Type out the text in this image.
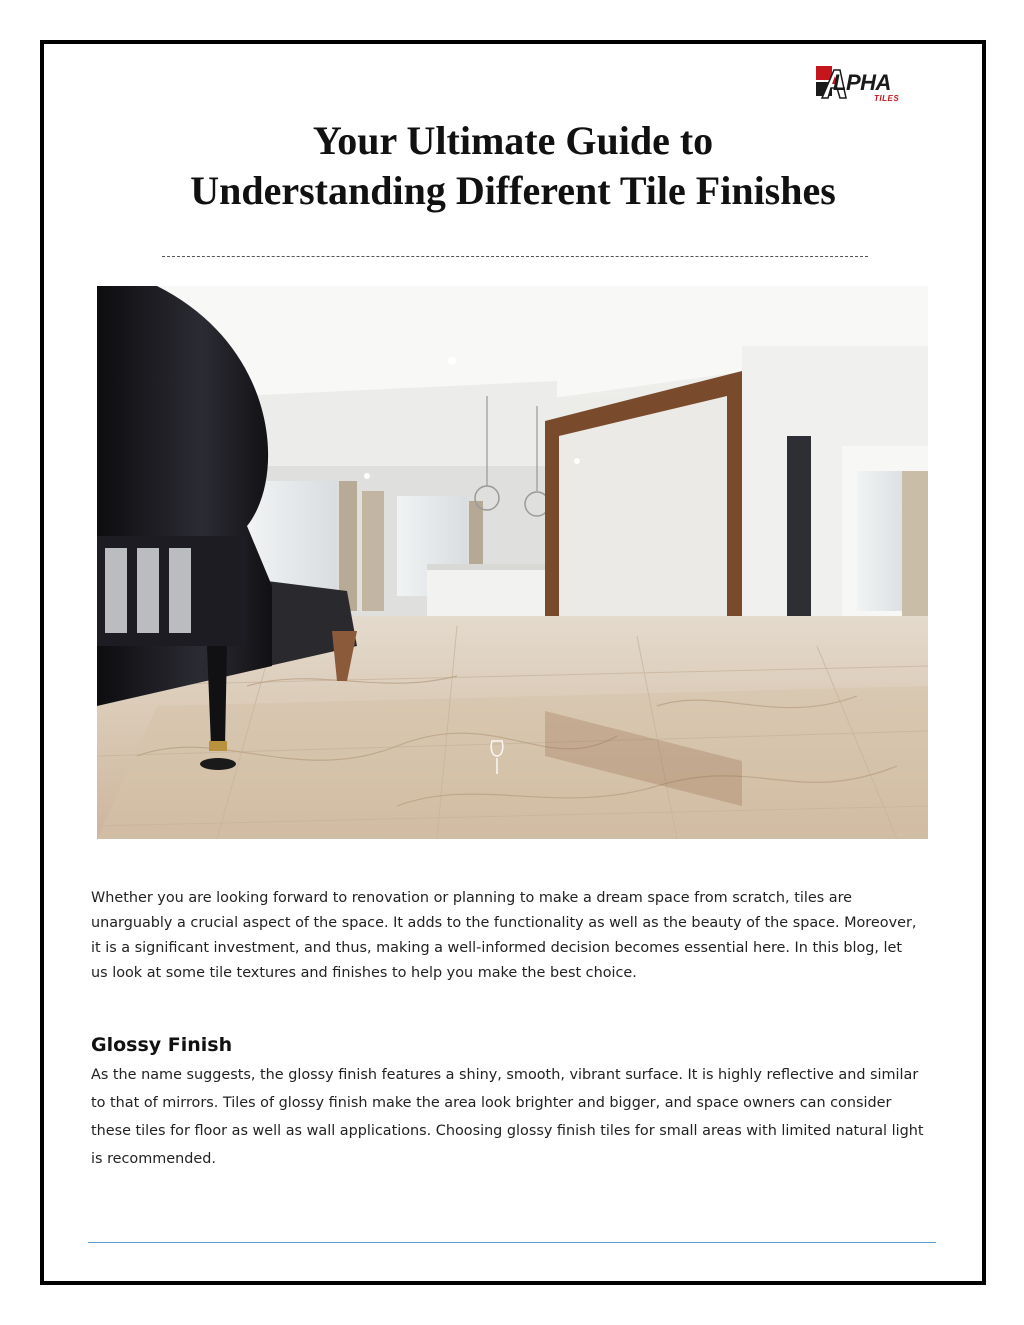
LPHA
TILES
Your Ultimate Guide to
Understanding Different Tile Finishes

Whether you are looking forward to renovation or planning to make a dream space from scratch, tiles are unarguably a crucial aspect of the space. It adds to the functionality as well as the beauty of the space. Moreover, it is a significant investment, and thus, making a well-informed decision becomes essential here. In this blog, let us look at some tile textures and finishes to help you make the best choice.

Glossy Finish

As the name suggests, the glossy finish features a shiny, smooth, vibrant surface. It is highly reflective and similar to that of mirrors. Tiles of glossy finish make the area look brighter and bigger, and space owners can consider these tiles for floor as well as wall applications. Choosing glossy finish tiles for small areas with limited natural light is recommended.
